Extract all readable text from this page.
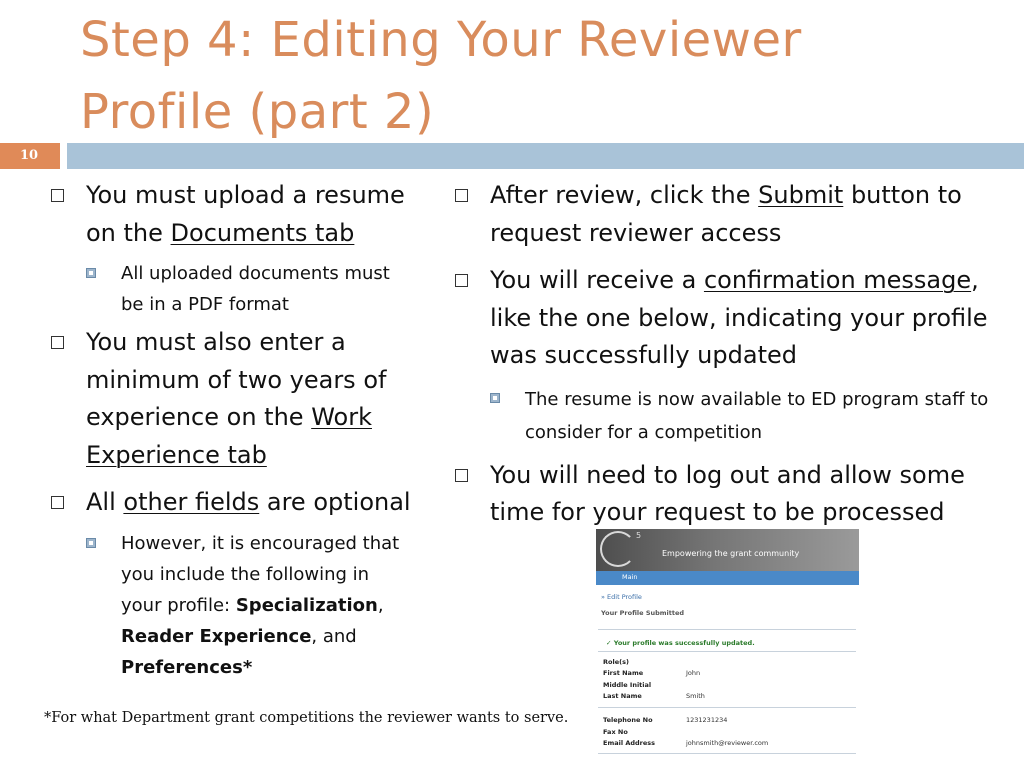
Step 4: Editing Your Reviewer
Profile (part 2)
10
You must upload a resume on the Documents tab
All uploaded documents must be in a PDF format
You must also enter a minimum of two years of experience on the Work Experience tab
All other fields are optional
However, it is encouraged that you include the following in your profile: Specialization, Reader Experience, and Preferences*
After review, click the Submit button to request reviewer access
You will receive a confirmation message, like the one below, indicating your profile was successfully updated
The resume is now available to ED program staff to consider for a competition
You will need to log out and allow some time for your request to be processed
5
Empowering the grant community
Main
» Edit Profile
Your Profile Submitted
✓ Your profile was successfully updated.
Role(s)
First Name	John
Middle Initial
Last Name	Smith
Telephone No	1231231234
Fax No
Email Address	johnsmith@reviewer.com
*For what Department grant competitions the reviewer wants to serve.
